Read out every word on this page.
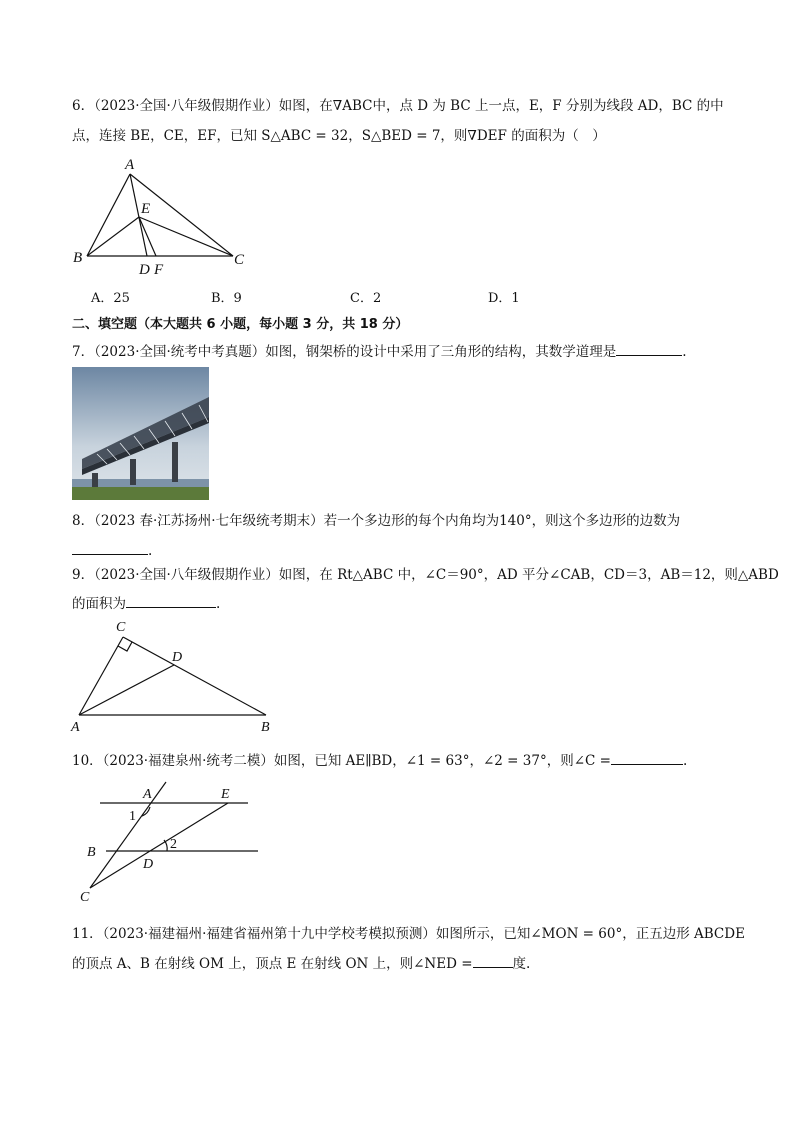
6．（2023·全国·八年级假期作业）如图，在∇ABC中，点 D 为 BC 上一点，E，F 分别为线段 AD，BC 的中
点，连接 BE，CE，EF，已知 S△ABC = 32，S△BED = 7，则∇DEF 的面积为（　）
A
E
B	C
D F
A．25	B．9	C．2	D．1
二、填空题（本大题共 6 小题，每小题 3 分，共 18 分）
7．（2023·全国·统考中考真题）如图，钢架桥的设计中采用了三角形的结构，其数学道理是	.
8．（2023 春·江苏扬州·七年级统考期末）若一个多边形的每个内角均为140°，则这个多边形的边数为
.
9．（2023·全国·八年级假期作业）如图，在 Rt△ABC 中，∠C＝90°，AD 平分∠CAB，CD＝3，AB＝12，则△ABD
的面积为	.
C
D
A	B
10．（2023·福建泉州·统考二模）如图，已知 AE∥BD，∠1 = 63°，∠2 = 37°，则∠C =	.
A	E
B
D
C
1
2
11．（2023·福建福州·福建省福州第十九中学校考模拟预测）如图所示，已知∠MON = 60°，正五边形 ABCDE
的顶点 A、B 在射线 OM 上，顶点 E 在射线 ON 上，则∠NED =	度.
